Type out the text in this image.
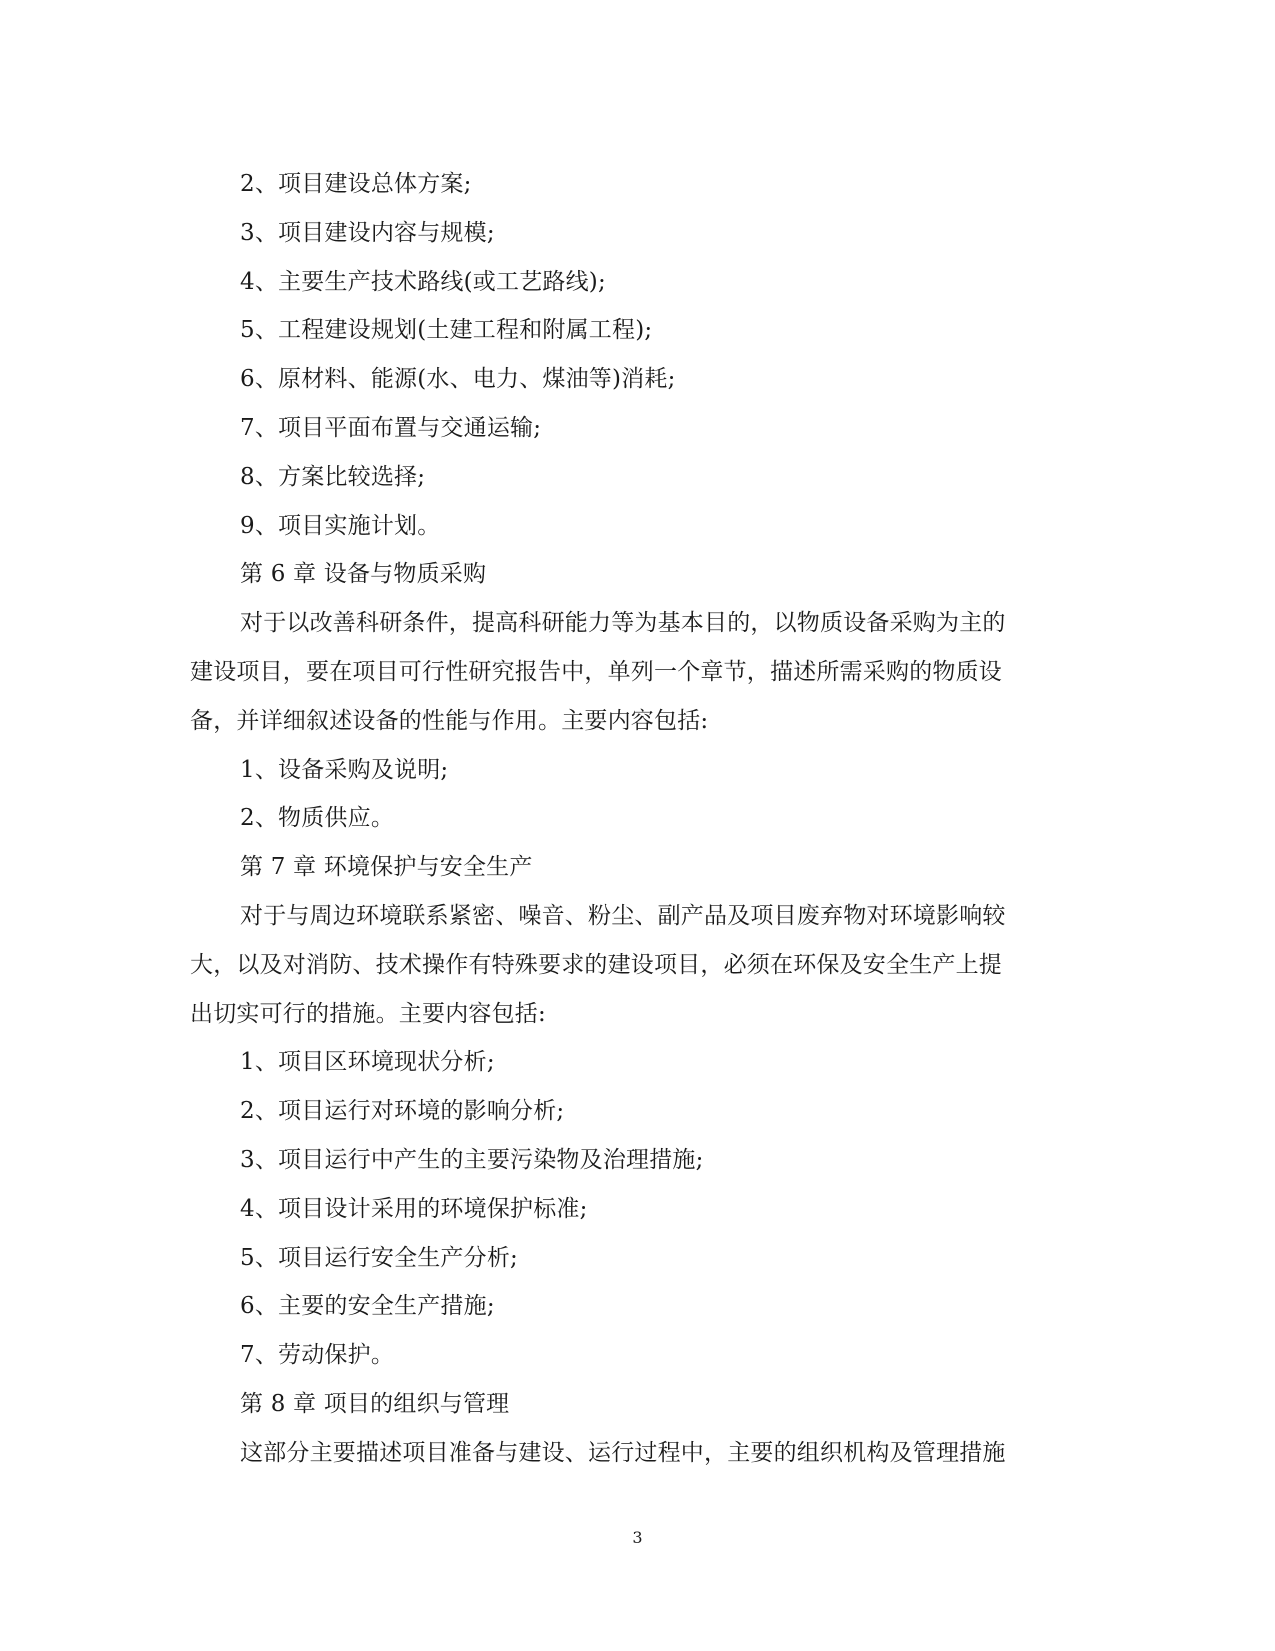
2、项目建设总体方案;
3、项目建设内容与规模;
4、主要生产技术路线(或工艺路线);
5、工程建设规划(土建工程和附属工程);
6、原材料、能源(水、电力、煤油等)消耗;
7、项目平面布置与交通运输;
8、方案比较选择;
9、项目实施计划。
第 6 章 设备与物质采购
对于以改善科研条件，提高科研能力等为基本目的，以物质设备采购为主的
建设项目，要在项目可行性研究报告中，单列一个章节，描述所需采购的物质设
备，并详细叙述设备的性能与作用。主要内容包括:
1、设备采购及说明;
2、物质供应。
第 7 章 环境保护与安全生产
对于与周边环境联系紧密、噪音、粉尘、副产品及项目废弃物对环境影响较
大，以及对消防、技术操作有特殊要求的建设项目，必须在环保及安全生产上提
出切实可行的措施。主要内容包括:
1、项目区环境现状分析;
2、项目运行对环境的影响分析;
3、项目运行中产生的主要污染物及治理措施;
4、项目设计采用的环境保护标准;
5、项目运行安全生产分析;
6、主要的安全生产措施;
7、劳动保护。
第 8 章 项目的组织与管理
这部分主要描述项目准备与建设、运行过程中，主要的组织机构及管理措施
3
